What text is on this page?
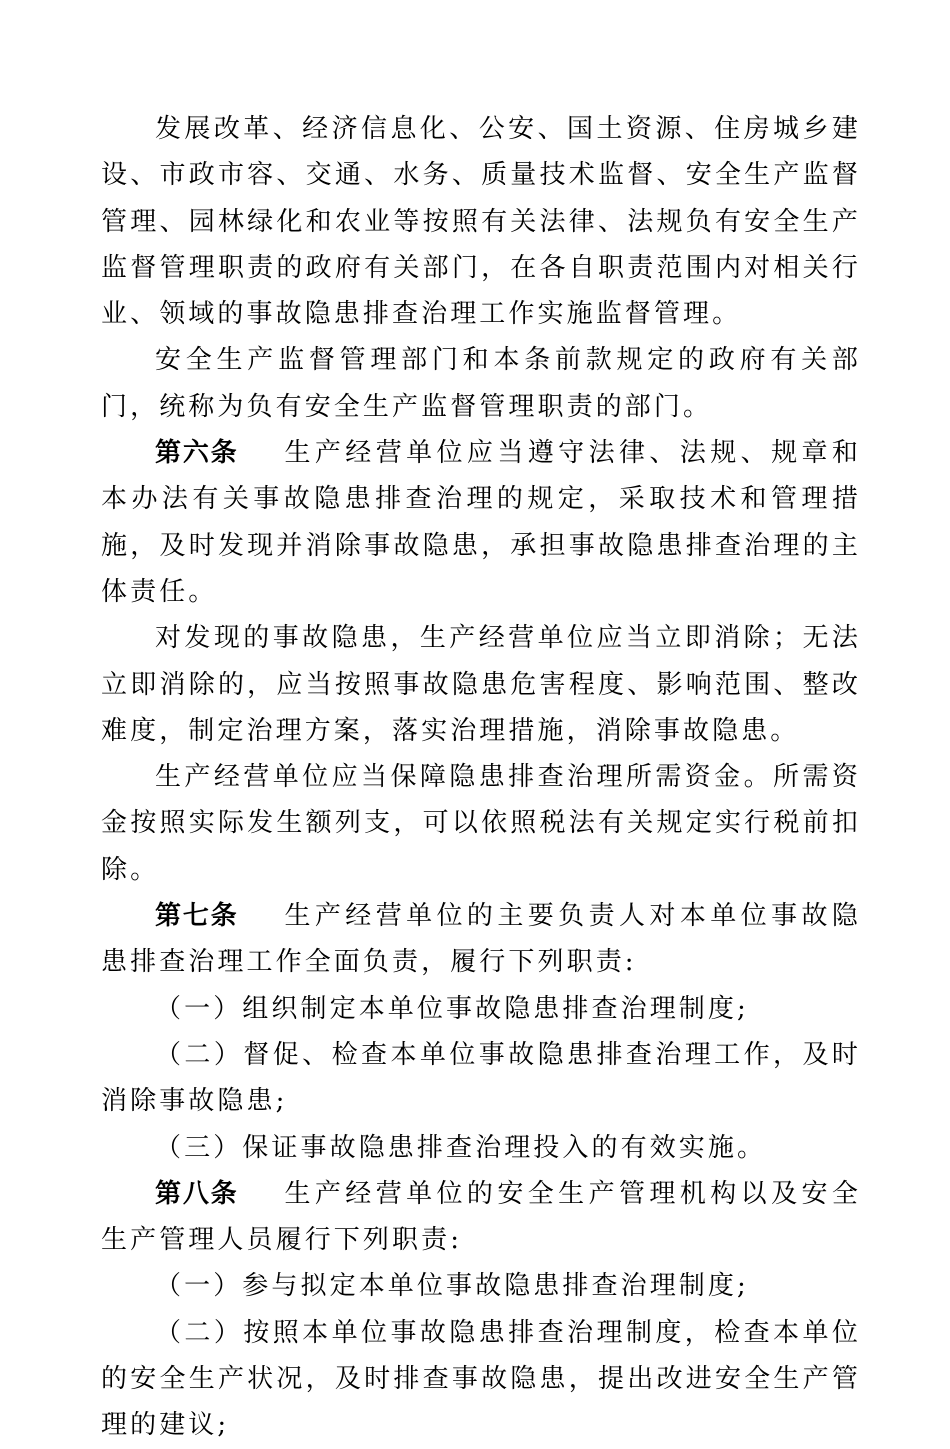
发展改革、经济信息化、公安、国土资源、住房城乡建设、市政市容、交通、水务、质量技术监督、安全生产监督管理、园林绿化和农业等按照有关法律、法规负有安全生产监督管理职责的政府有关部门，在各自职责范围内对相关行业、领域的事故隐患排查治理工作实施监督管理。

安全生产监督管理部门和本条前款规定的政府有关部门，统称为负有安全生产监督管理职责的部门。

第六条 生产经营单位应当遵守法律、法规、规章和本办法有关事故隐患排查治理的规定，采取技术和管理措施，及时发现并消除事故隐患，承担事故隐患排查治理的主体责任。

对发现的事故隐患，生产经营单位应当立即消除；无法立即消除的，应当按照事故隐患危害程度、影响范围、整改难度，制定治理方案，落实治理措施，消除事故隐患。

生产经营单位应当保障隐患排查治理所需资金。所需资金按照实际发生额列支，可以依照税法有关规定实行税前扣除。

第七条 生产经营单位的主要负责人对本单位事故隐患排查治理工作全面负责，履行下列职责:

（一）组织制定本单位事故隐患排查治理制度;

（二）督促、检查本单位事故隐患排查治理工作，及时消除事故隐患;

（三）保证事故隐患排查治理投入的有效实施。

第八条 生产经营单位的安全生产管理机构以及安全生产管理人员履行下列职责:

（一）参与拟定本单位事故隐患排查治理制度;

（二）按照本单位事故隐患排查治理制度，检查本单位的安全生产状况，及时排查事故隐患，提出改进安全生产管理的建议;
